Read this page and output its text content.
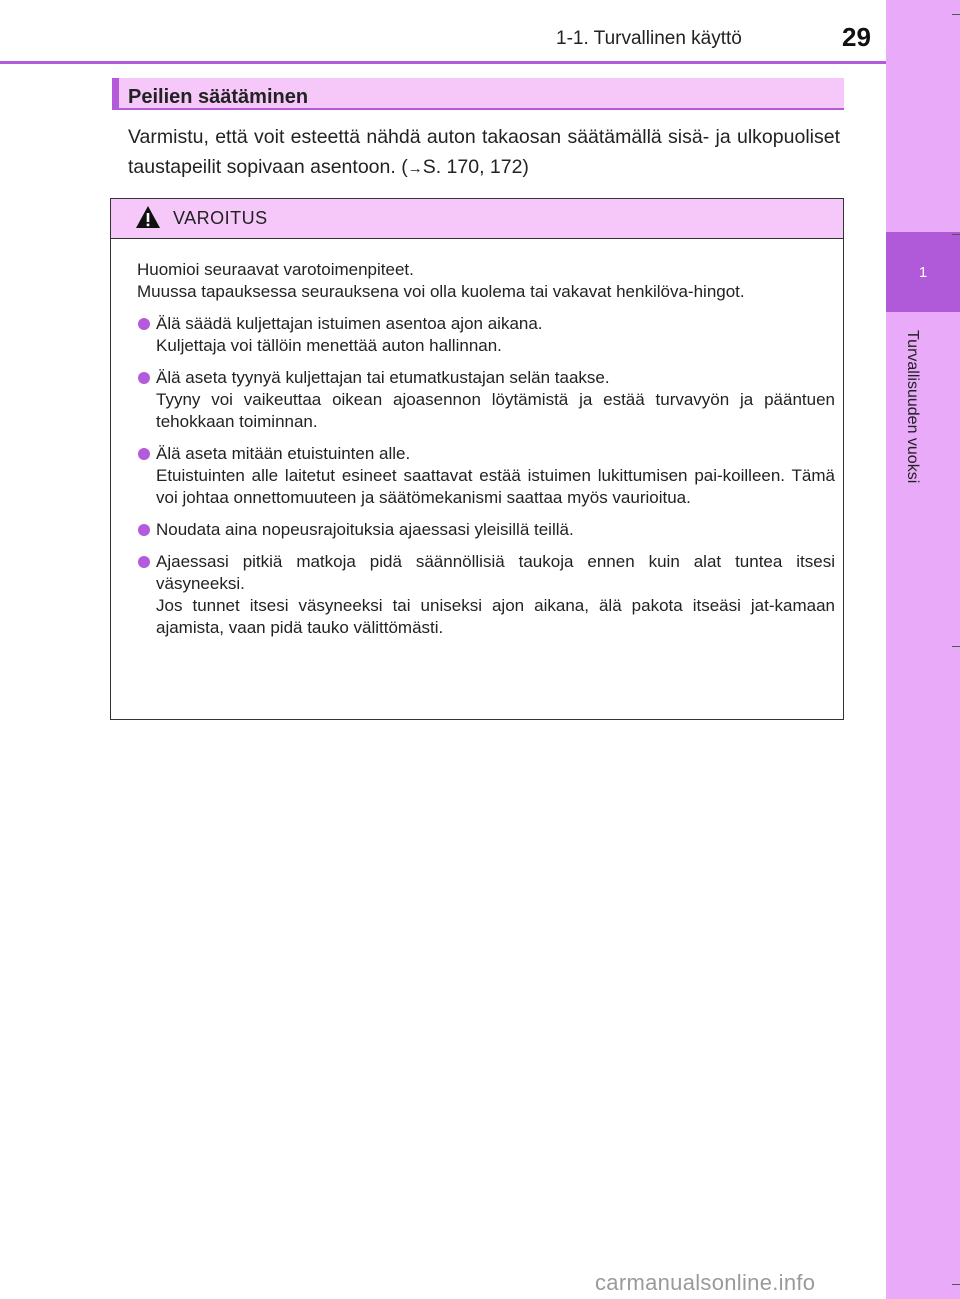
1-1. Turvallinen käyttö	29
1
Turvallisuuden vuoksi
Peilien säätäminen
Varmistu, että voit esteettä nähdä auton takaosan säätämällä sisä- ja ulkopuoliset taustapeilit sopivaan asentoon. (→S. 170, 172)
VAROITUS

Huomioi seuraavat varotoimenpiteet.

Muussa tapauksessa seurauksena voi olla kuolema tai vakavat henkilöva-hingot.

Älä säädä kuljettajan istuimen asentoa ajon aikana.

Kuljettaja voi tällöin menettää auton hallinnan.

Älä aseta tyynyä kuljettajan tai etumatkustajan selän taakse.

Tyyny voi vaikeuttaa oikean ajoasennon löytämistä ja estää turvavyön ja pääntuen tehokkaan toiminnan.

Älä aseta mitään etuistuinten alle.

Etuistuinten alle laitetut esineet saattavat estää istuimen lukittumisen pai-koilleen. Tämä voi johtaa onnettomuuteen ja säätömekanismi saattaa myös vaurioitua.

Noudata aina nopeusrajoituksia ajaessasi yleisillä teillä.

Ajaessasi pitkiä matkoja pidä säännöllisiä taukoja ennen kuin alat tuntea itsesi väsyneeksi.

Jos tunnet itsesi väsyneeksi tai uniseksi ajon aikana, älä pakota itseäsi jat-kamaan ajamista, vaan pidä tauko välittömästi.

carmanualsonline.info
